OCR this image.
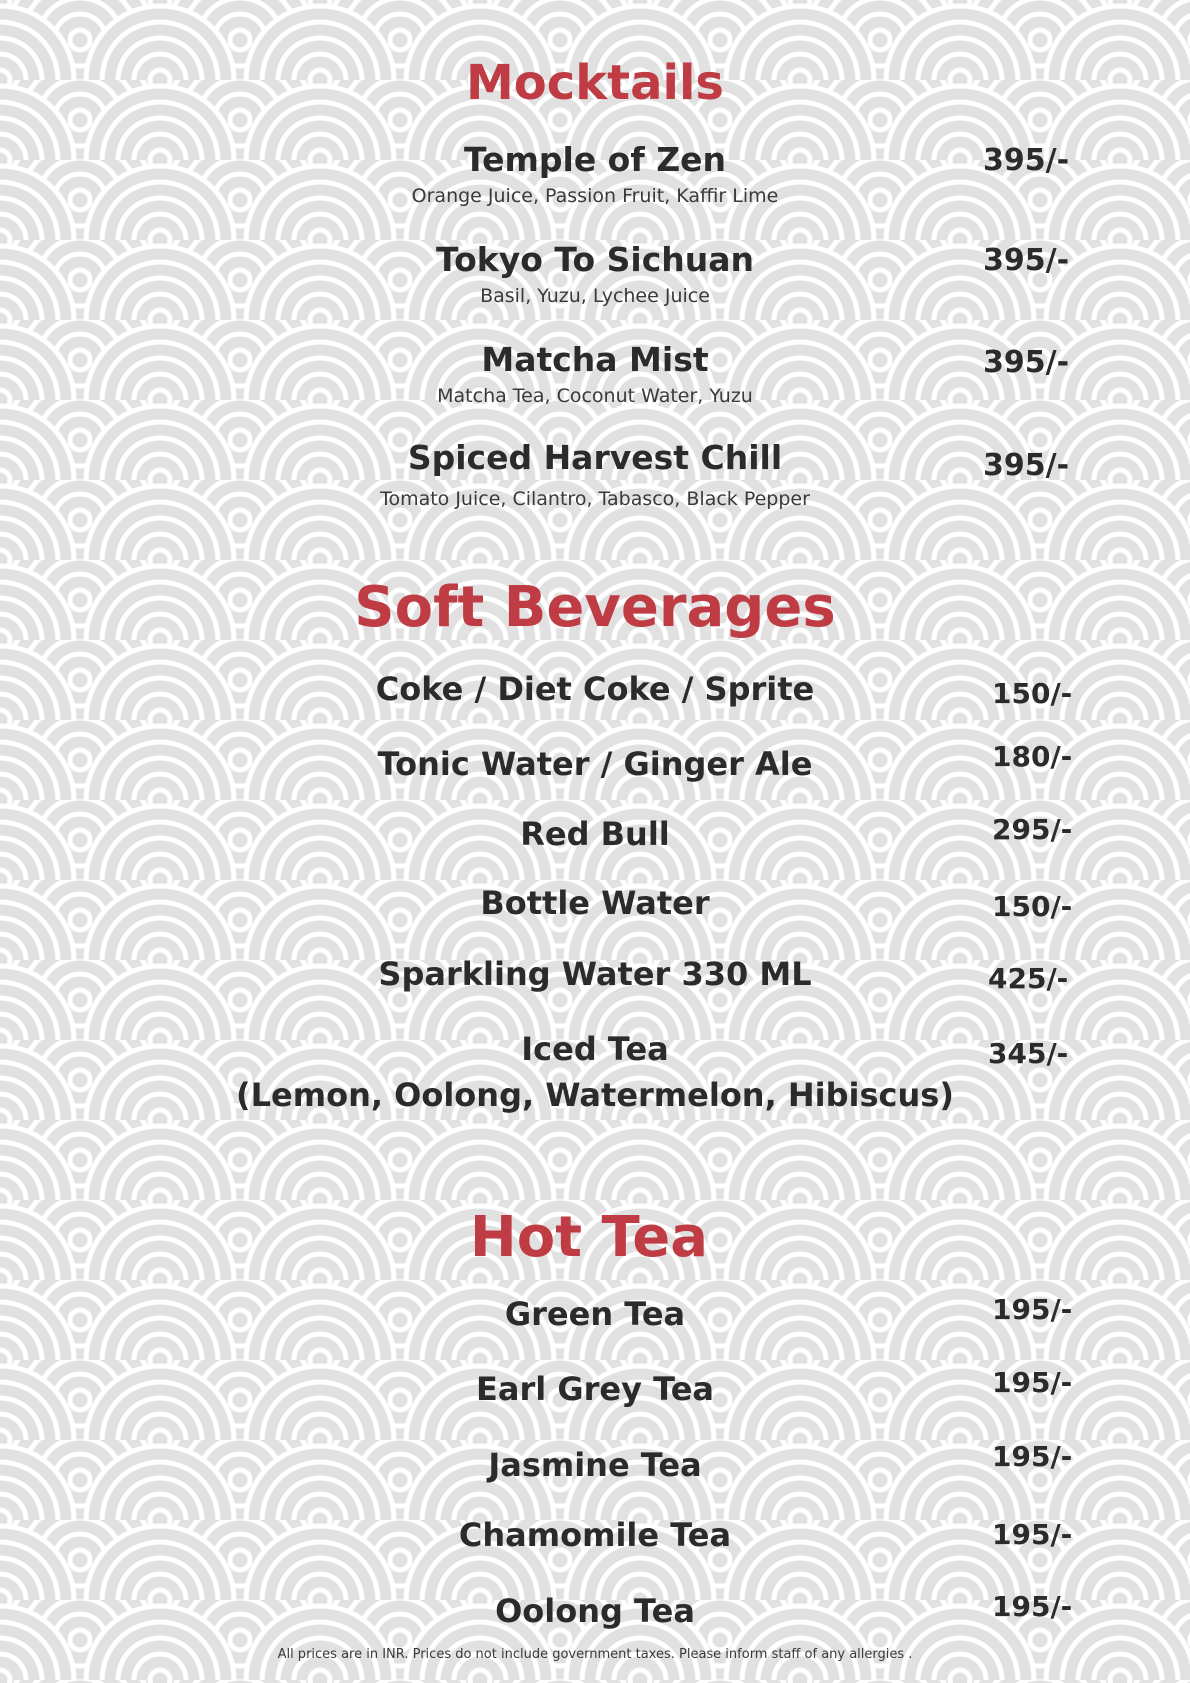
Mocktails
Temple of Zen
Orange Juice, Passion Fruit, Kaffir Lime
395/-
Tokyo To Sichuan
Basil, Yuzu, Lychee Juice
395/-
Matcha Mist
Matcha Tea, Coconut Water, Yuzu
395/-
Spiced Harvest Chill
Tomato Juice, Cilantro, Tabasco, Black Pepper
395/-
Soft Beverages
Coke / Diet Coke / Sprite	150/-
Tonic Water / Ginger Ale	180/-
Red Bull	295/-
Bottle Water	150/-
Sparkling Water 330 ML	425/-
Iced Tea
(Lemon, Oolong, Watermelon, Hibiscus)
345/-
Hot Tea
Green Tea	195/-
Earl Grey Tea	195/-
Jasmine Tea	195/-
Chamomile Tea	195/-
Oolong Tea	195/-
All prices are in INR. Prices do not include government taxes. Please inform staff of any allergies .
